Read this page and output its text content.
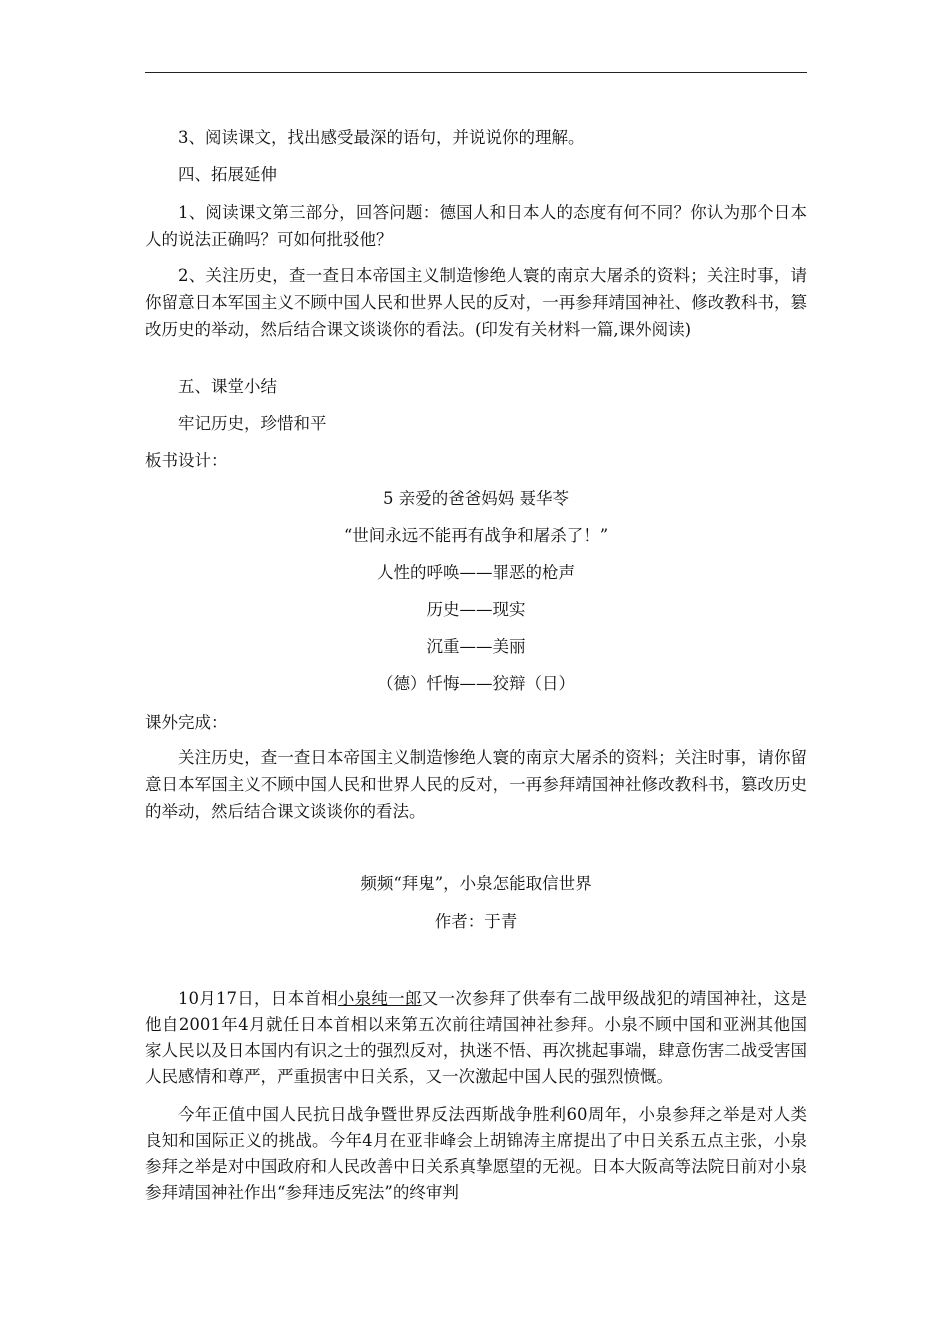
3、阅读课文，找出感受最深的语句，并说说你的理解。
四、拓展延伸
1、阅读课文第三部分，回答问题：德国人和日本人的态度有何不同？你认为那个日本人的说法正确吗？可如何批驳他？
2、关注历史，查一查日本帝国主义制造惨绝人寰的南京大屠杀的资料；关注时事，请你留意日本军国主义不顾中国人民和世界人民的反对，一再参拜靖国神社、修改教科书，篡改历史的举动，然后结合课文谈谈你的看法。(印发有关材料一篇,课外阅读)
五、课堂小结
牢记历史，珍惜和平
板书设计：
5 亲爱的爸爸妈妈 聂华苓
“世间永远不能再有战争和屠杀了！”
人性的呼唤——罪恶的枪声
历史——现实
沉重——美丽
（德）忏悔——狡辩（日）
课外完成：
关注历史，查一查日本帝国主义制造惨绝人寰的南京大屠杀的资料；关注时事，请你留意日本军国主义不顾中国人民和世界人民的反对，一再参拜靖国神社修改教科书，篡改历史的举动，然后结合课文谈谈你的看法。
频频“拜鬼”，小泉怎能取信世界
作者：于青
10月17日，日本首相小泉纯一郎又一次参拜了供奉有二战甲级战犯的靖国神社，这是他自2001年4月就任日本首相以来第五次前往靖国神社参拜。小泉不顾中国和亚洲其他国家人民以及日本国内有识之士的强烈反对，执迷不悟、再次挑起事端，肆意伤害二战受害国人民感情和尊严，严重损害中日关系，又一次激起中国人民的强烈愤慨。
今年正值中国人民抗日战争暨世界反法西斯战争胜利60周年，小泉参拜之举是对人类良知和国际正义的挑战。今年4月在亚非峰会上胡锦涛主席提出了中日关系五点主张，小泉参拜之举是对中国政府和人民改善中日关系真挚愿望的无视。日本大阪高等法院日前对小泉参拜靖国神社作出“参拜违反宪法”的终审判
